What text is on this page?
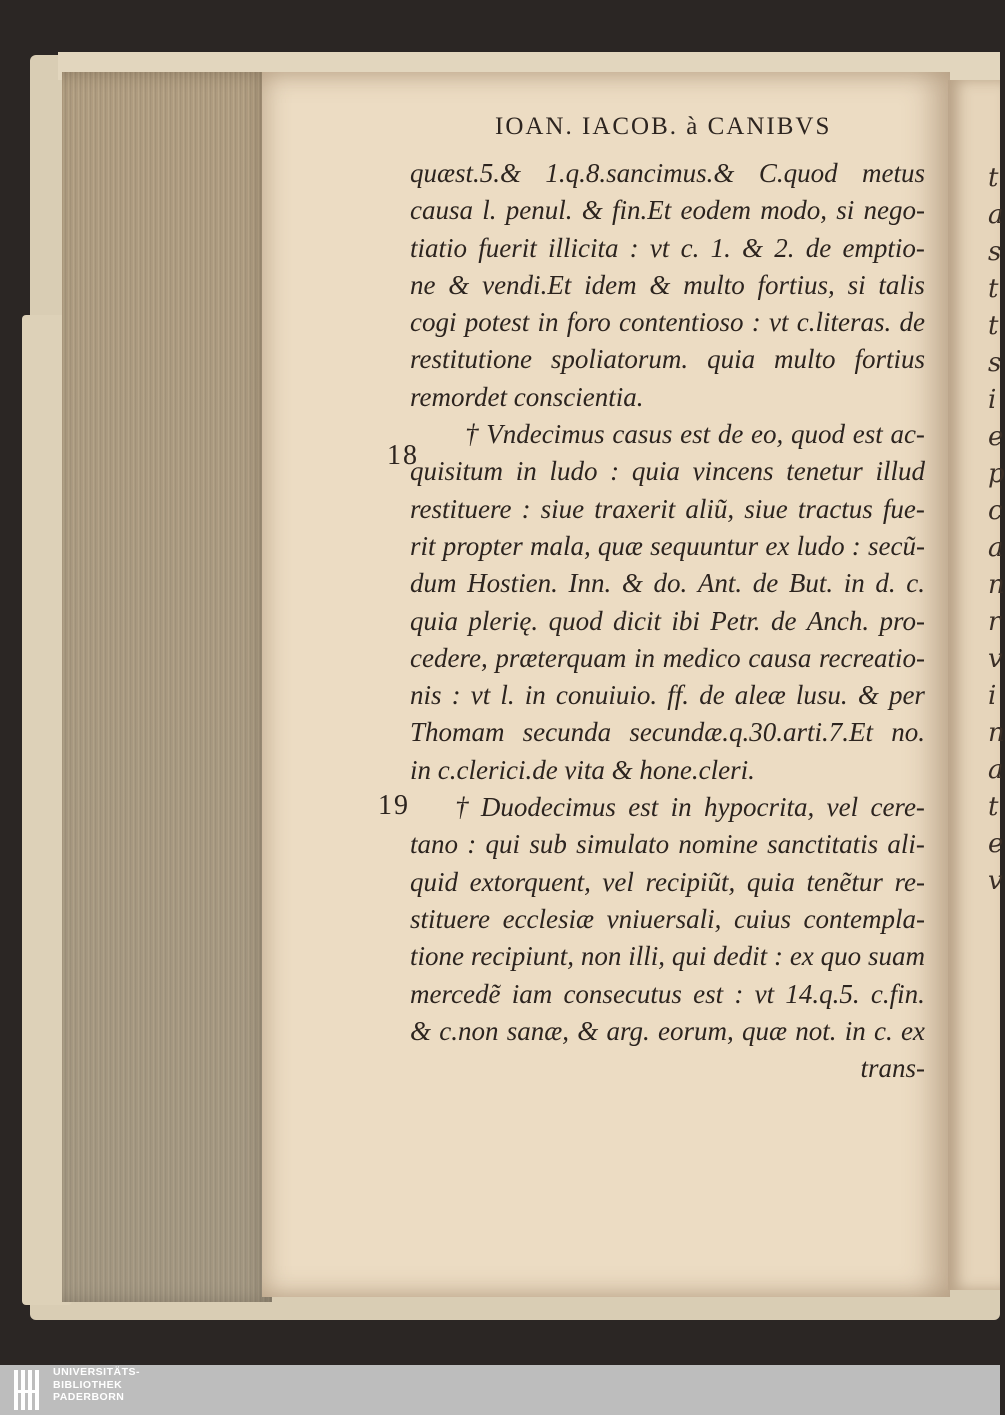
t
a
s
t
t
s
i
e
p
c
a
n
r
v
i
n
a
t
e
v
IOAN. IACOB. à CANIBVS
18
19
quæst.5.& 1.q.8.sancimus.& C.quod metus
causa l. penul. & fin.Et eodem modo, si nego-
tiatio fuerit illicita : vt c. 1. & 2. de emptio-
ne & vendi.Et idem & multo fortius, si talis
cogi potest in foro contentioso : vt c.literas. de
restitutione spoliatorum. quia multo fortius
remordet conscientia.
† Vndecimus casus est de eo, quod est ac-
quisitum in ludo : quia vincens tenetur illud
restituere : siue traxerit aliũ, siue tractus fue-
rit propter mala, quæ sequuntur ex ludo : secũ-
dum Hostien. Inn. & do. Ant. de But. in d. c.
quia plerię. quod dicit ibi Petr. de Anch. pro-
cedere, præterquam in medico causa recreatio-
nis : vt l. in conuiuio. ff. de aleæ lusu. & per
Thomam secunda secundæ.q.30.arti.7.Et no.
in c.clerici.de vita & hone.cleri.
† Duodecimus est in hypocrita, vel cere-
tano : qui sub simulato nomine sanctitatis ali-
quid extorquent, vel recipiũt, quia tenẽtur re-
stituere ecclesiæ vniuersali, cuius contempla-
tione recipiunt, non illi, qui dedit : ex quo suam
mercedẽ iam consecutus est : vt 14.q.5. c.fin.
& c.non sanæ, & arg. eorum, quæ not. in c. ex
trans-
UNIVERSITÄTS-
BIBLIOTHEK
PADERBORN
